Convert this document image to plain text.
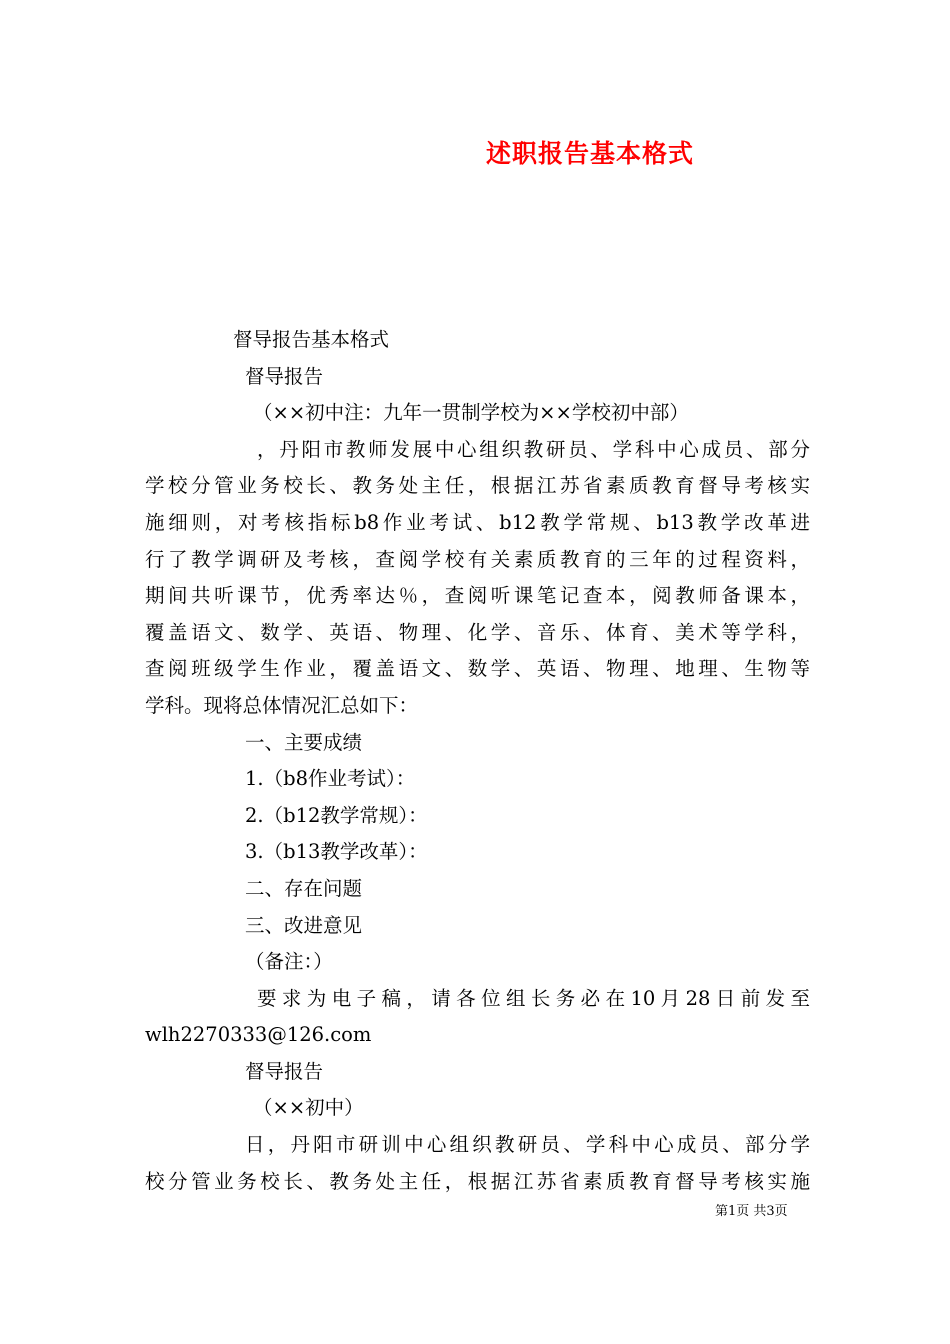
述职报告基本格式
督导报告基本格式
督导报告
（××初中注：九年一贯制学校为××学校初中部）
，丹阳市教师发展中心组织教研员、学科中心成员、部分
学校分管业务校长、教务处主任，根据江苏省素质教育督导考核实
施细则，对考核指标b8作业考试、b12教学常规、b13教学改革进
行了教学调研及考核，查阅学校有关素质教育的三年的过程资料，
期间共听课节，优秀率达％，查阅听课笔记查本，阅教师备课本，
覆盖语文、数学、英语、物理、化学、音乐、体育、美术等学科，
查阅班级学生作业，覆盖语文、数学、英语、物理、地理、生物等
学科。现将总体情况汇总如下：
一、主要成绩
1.（b8作业考试）：
2.（b12教学常规）：
3.（b13教学改革）：
二、存在问题
三、改进意见
（备注：）
要求为电子稿，请各位组长务必在10月28日前发至
wlh2270333@126.com
督导报告
（××初中）
日，丹阳市研训中心组织教研员、学科中心成员、部分学
校分管业务校长、教务处主任，根据江苏省素质教育督导考核实施
第1页 共3页
